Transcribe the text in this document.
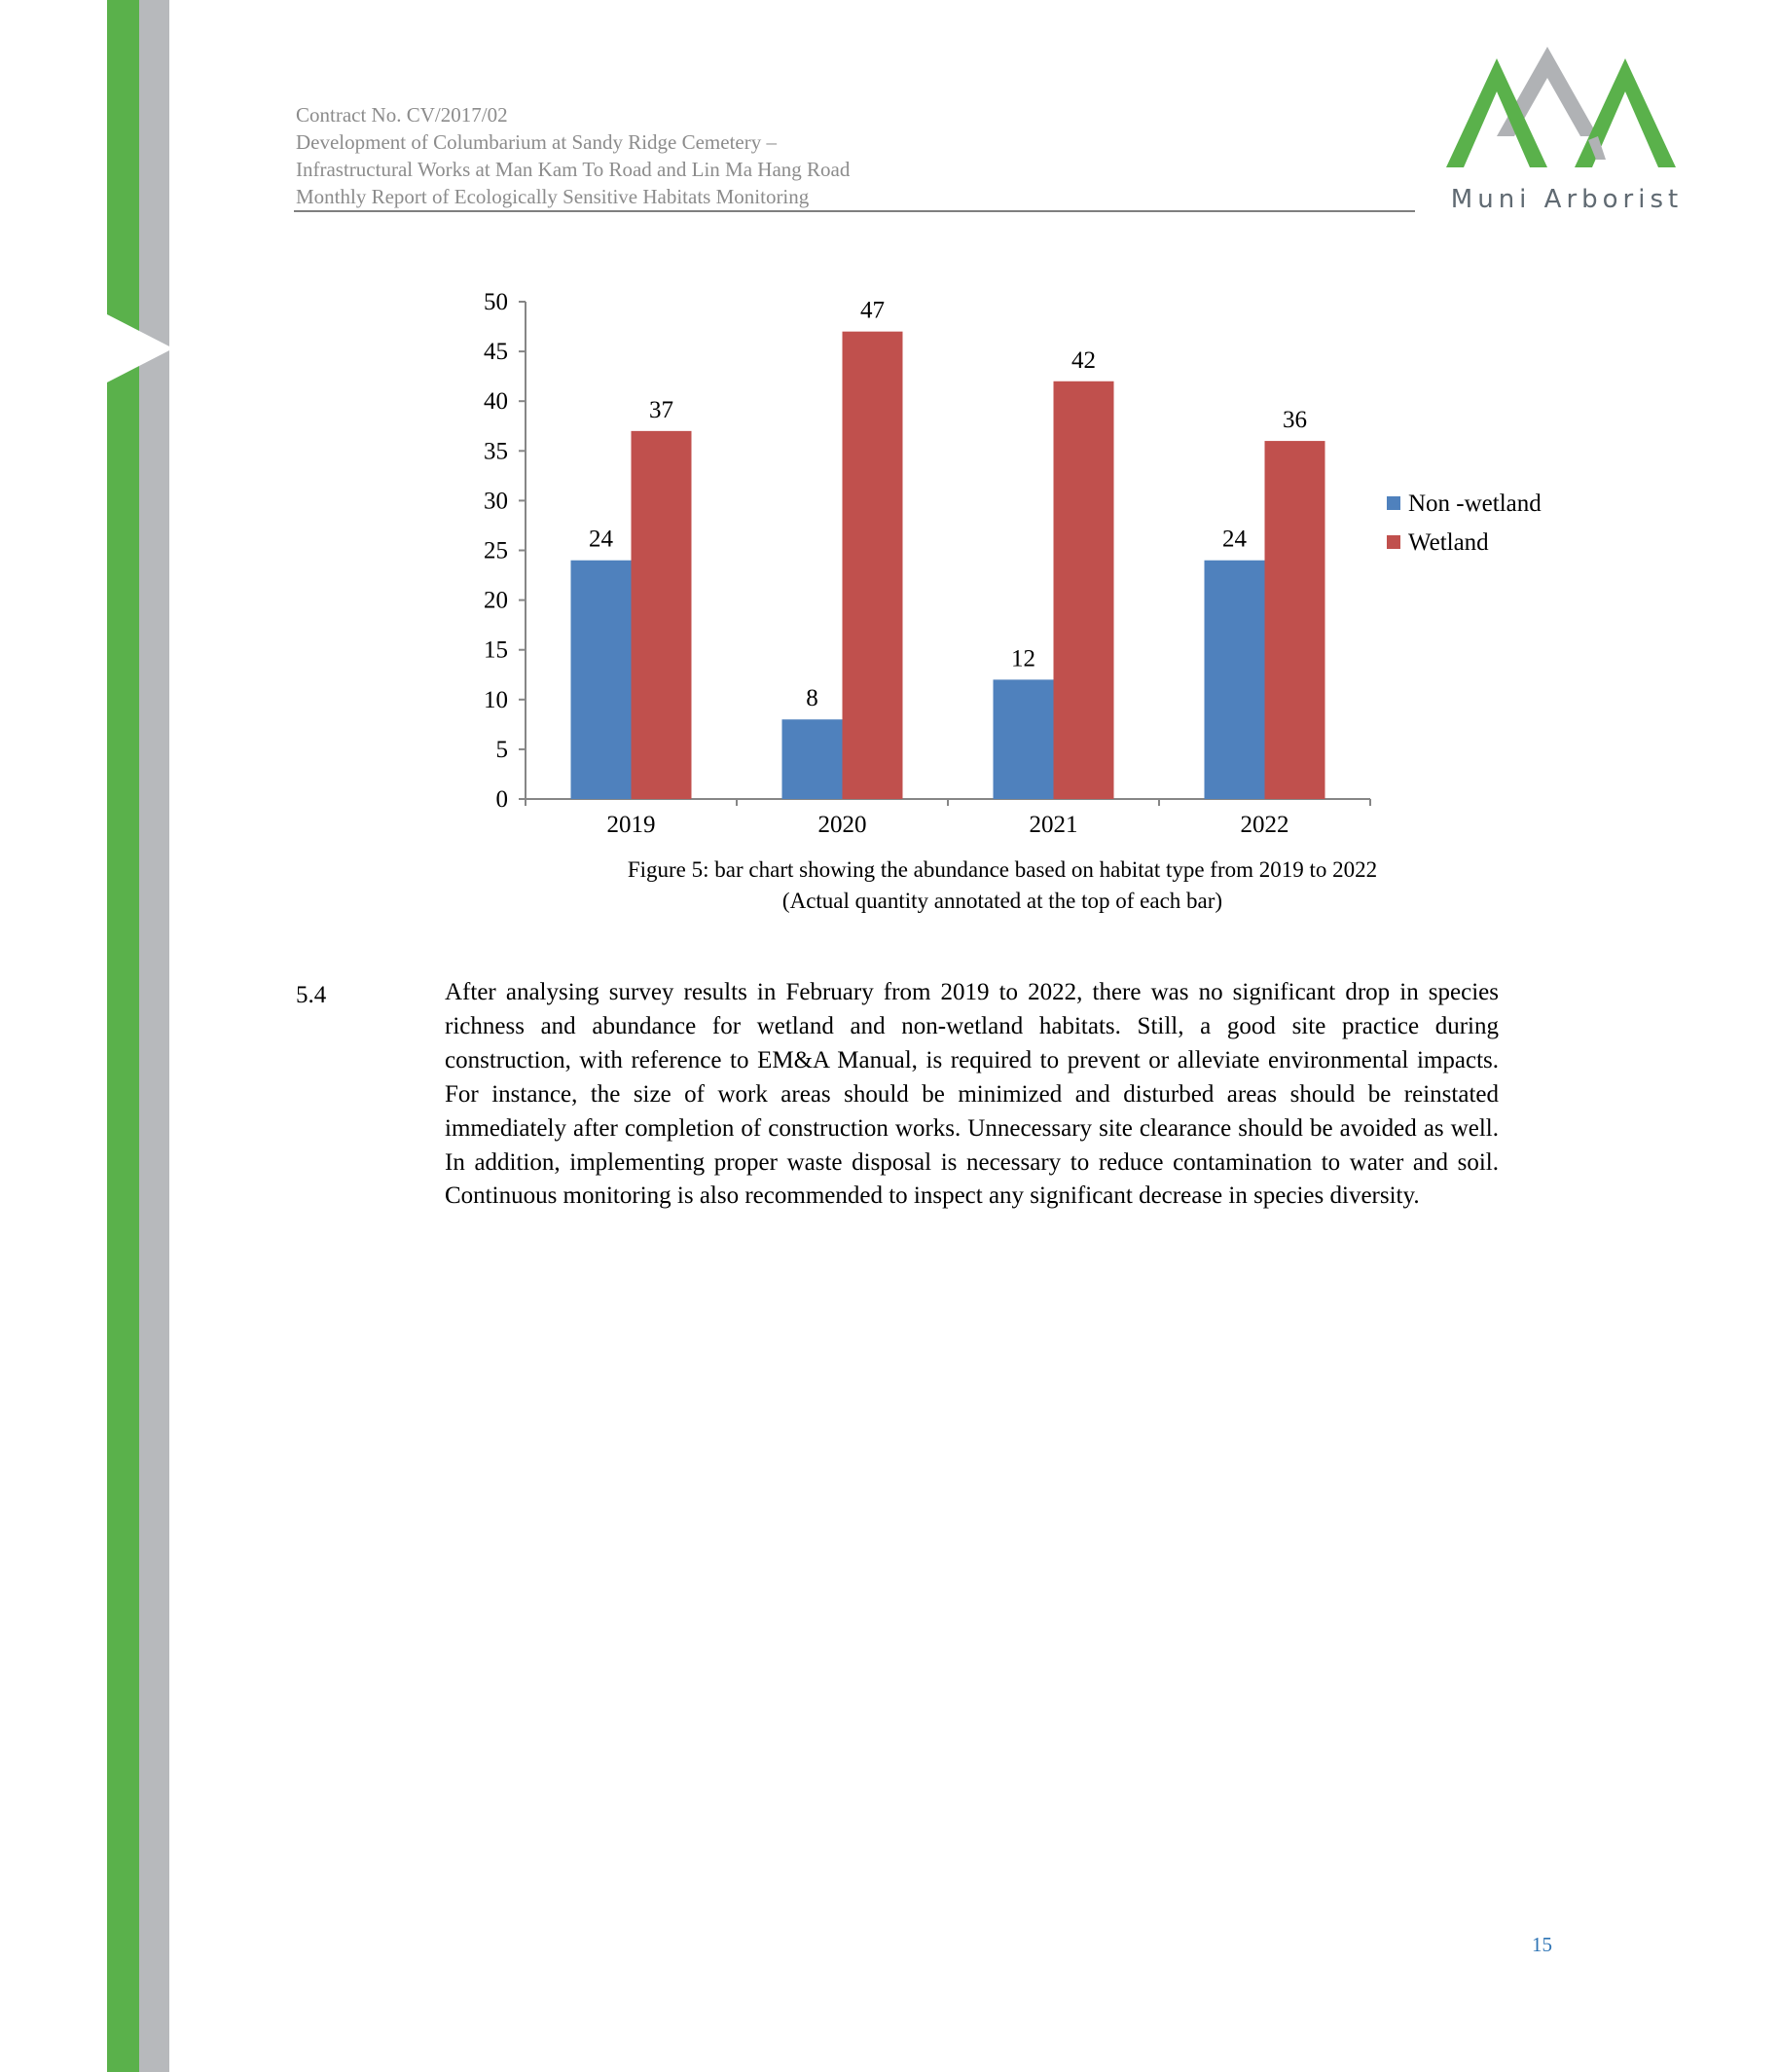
Contract No. CV/2017/02
Development of Columbarium at Sandy Ridge Cemetery –
Infrastructural Works at Man Kam To Road and Lin Ma Hang Road
Monthly Report of Ecologically Sensitive Habitats Monitoring	Muni Arborist
0
5
10
15
20
25
30
35
40
45
50
2019
24
37
2020
8
47
2021
12
42
2022
24
36
Non -wetland
Wetland
Figure 5: bar chart showing the abundance based on habitat type from 2019 to 2022
(Actual quantity annotated at the top of each bar)
5.4	After analysing survey results in February from 2019 to 2022, there was no significant drop in species richness and abundance for wetland and non-wetland habitats. Still, a good site practice during construction, with reference to EM&A Manual, is required to prevent or alleviate environmental impacts. For instance, the size of work areas should be minimized and disturbed areas should be reinstated immediately after completion of construction works. Unnecessary site clearance should be avoided as well. In addition, implementing proper waste disposal is necessary to reduce contamination to water and soil. Continuous monitoring is also recommended to inspect any significant decrease in species diversity.
15
